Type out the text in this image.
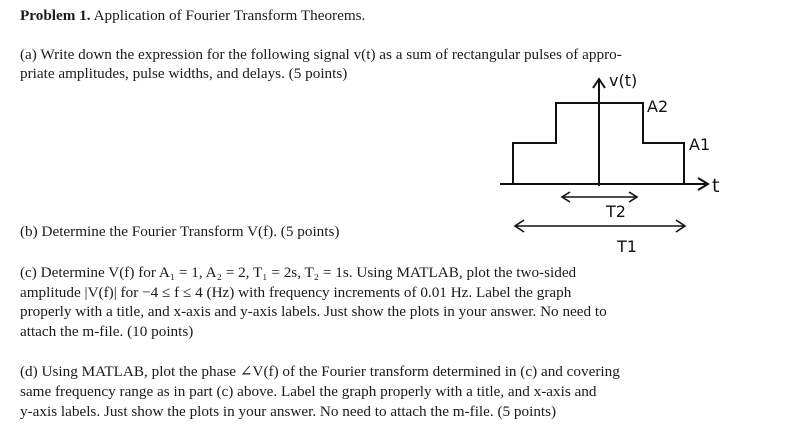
Problem 1. Application of Fourier Transform Theorems.
(a) Write down the expression for the following signal v(t) as a sum of rectangular pulses of appro-
priate amplitudes, pulse widths, and delays. (5 points)	v(t)
t
A2
A1
T2
T1
(b) Determine the Fourier Transform V(f). (5 points)
(c) Determine V(f) for A₁ = 1, A₂ = 2, T₁ = 2s, T₂ = 1s. Using MATLAB, plot the two-sided
amplitude |V(f)| for −4 ≤ f ≤ 4 (Hz) with frequency increments of 0.01 Hz. Label the graph
properly with a title, and x-axis and y-axis labels. Just show the plots in your answer. No need to
attach the m-file. (10 points)
(d) Using MATLAB, plot the phase ∠V(f) of the Fourier transform determined in (c) and covering
same frequency range as in part (c) above. Label the graph properly with a title, and x-axis and
y-axis labels. Just show the plots in your answer. No need to attach the m-file. (5 points)
